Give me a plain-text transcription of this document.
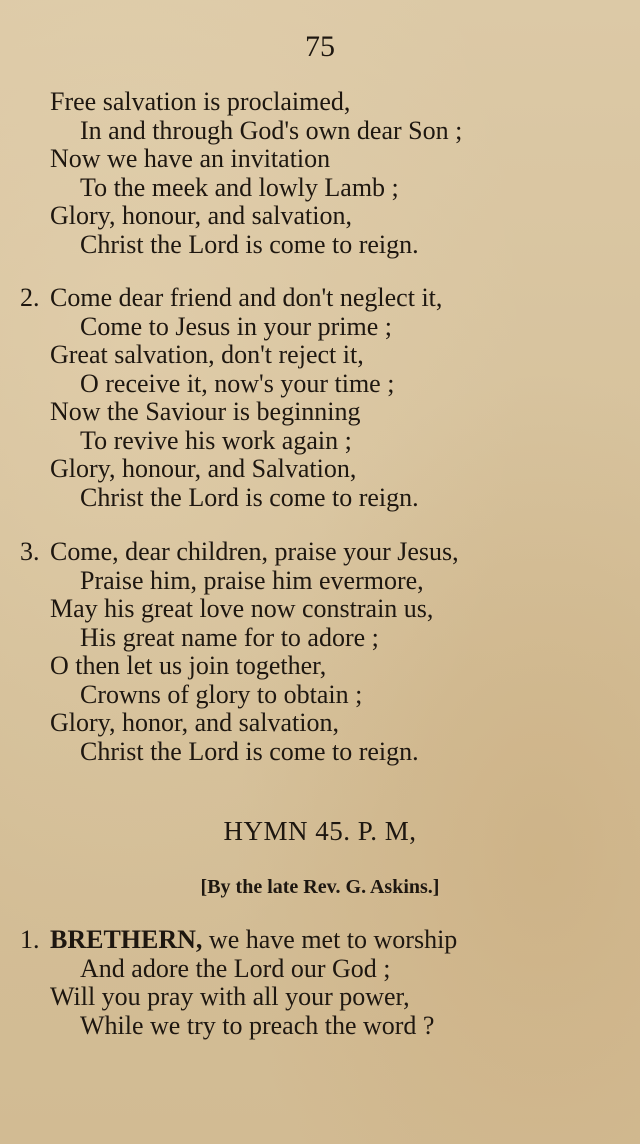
75
Free salvation is proclaimed,
In and through God's own dear Son ;
Now we have an invitation
To the meek and lowly Lamb ;
Glory, honour, and salvation,
Christ the Lord is come to reign.
2. Come dear friend and don't neglect it,
Come to Jesus in your prime ;
Great salvation, don't reject it,
O receive it, now's your time ;
Now the Saviour is beginning
To revive his work again ;
Glory, honour, and Salvation,
Christ the Lord is come to reign.
3. Come, dear children, praise your Jesus,
Praise him, praise him evermore,
May his great love now constrain us,
His great name for to adore ;
O then let us join together,
Crowns of glory to obtain ;
Glory, honor, and salvation,
Christ the Lord is come to reign.
HYMN 45. P. M,
[By the late Rev. G. Askins.]
1. BRETHERN, we have met to worship
And adore the Lord our God ;
Will you pray with all your power,
While we try to preach the word ?
